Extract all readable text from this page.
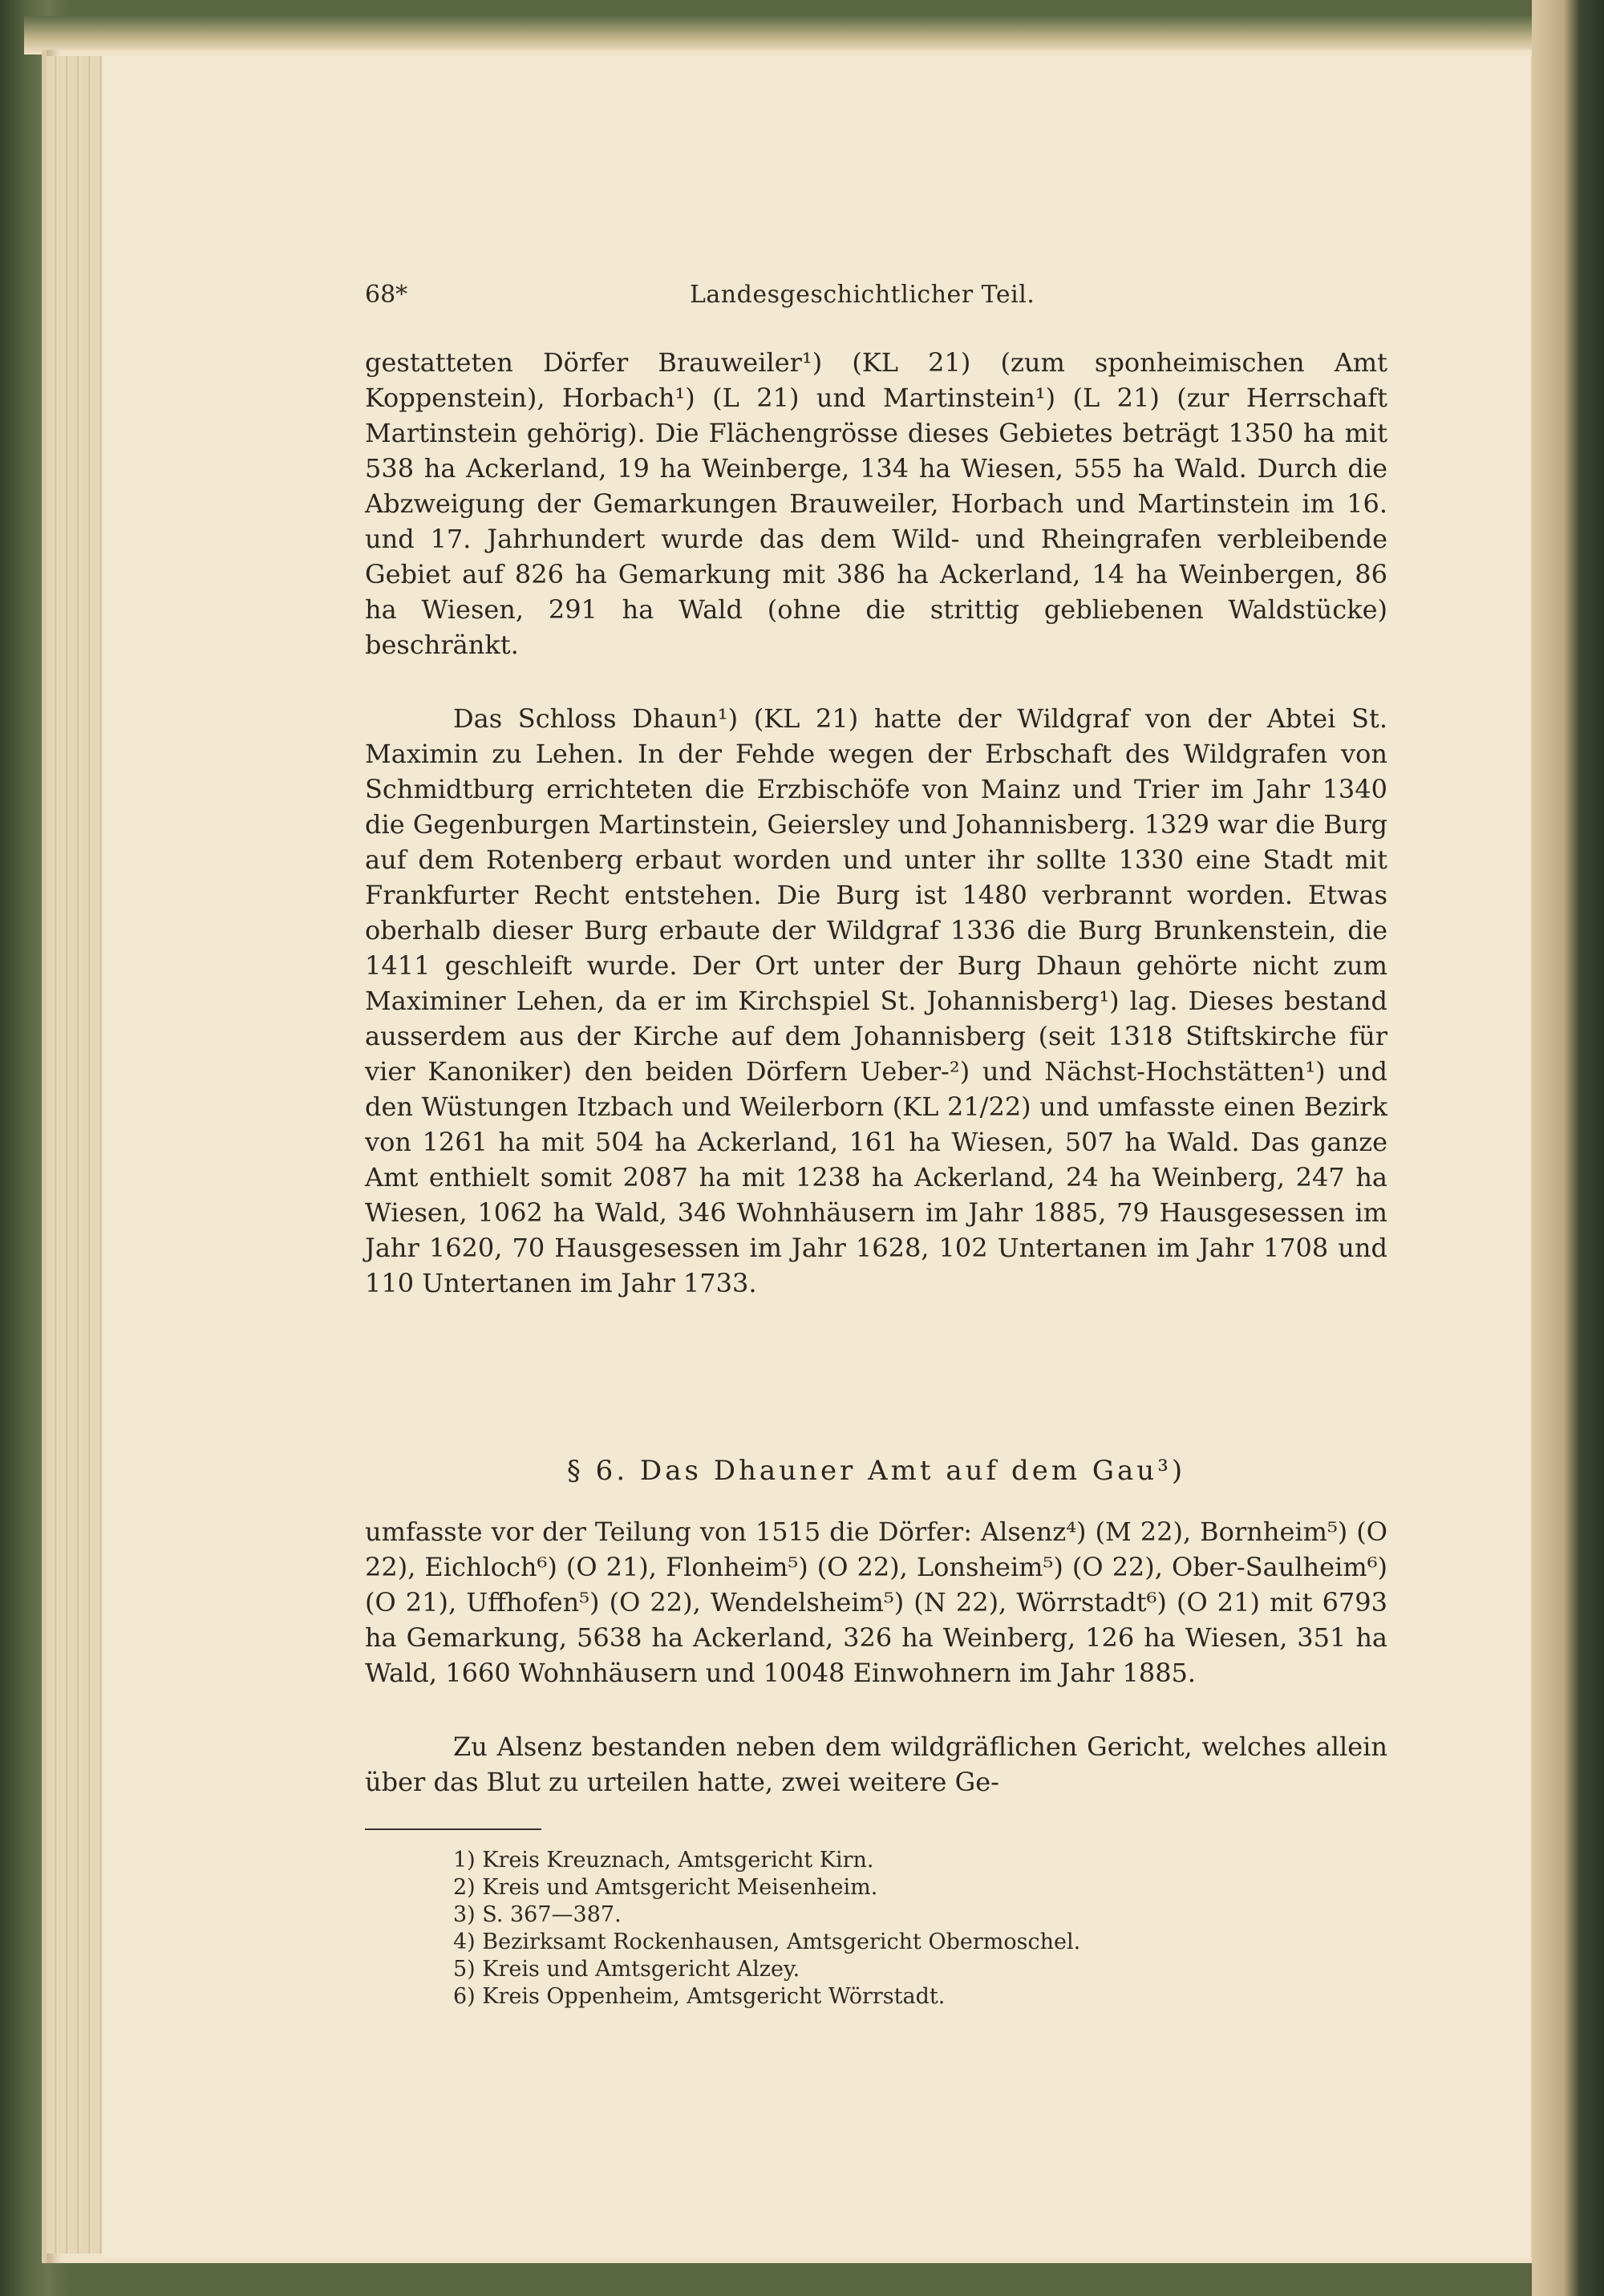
68*	Landesgeschichtlicher Teil.
gestatteten Dörfer Brauweiler¹) (KL 21) (zum sponheimischen Amt Koppenstein), Horbach¹) (L 21) und Martinstein¹) (L 21) (zur Herrschaft Martinstein gehörig). Die Flächengrösse dieses Gebietes beträgt 1350 ha mit 538 ha Ackerland, 19 ha Weinberge, 134 ha Wiesen, 555 ha Wald. Durch die Abzweigung der Gemarkungen Brauweiler, Horbach und Martinstein im 16. und 17. Jahrhundert wurde das dem Wild- und Rheingrafen verbleibende Gebiet auf 826 ha Gemarkung mit 386 ha Ackerland, 14 ha Weinbergen, 86 ha Wiesen, 291 ha Wald (ohne die strittig gebliebenen Waldstücke) beschränkt.
Das Schloss Dhaun¹) (KL 21) hatte der Wildgraf von der Abtei St. Maximin zu Lehen. In der Fehde wegen der Erbschaft des Wildgrafen von Schmidtburg errichteten die Erzbischöfe von Mainz und Trier im Jahr 1340 die Gegenburgen Martinstein, Geiersley und Johannisberg. 1329 war die Burg auf dem Rotenberg erbaut worden und unter ihr sollte 1330 eine Stadt mit Frankfurter Recht entstehen. Die Burg ist 1480 verbrannt worden. Etwas oberhalb dieser Burg erbaute der Wildgraf 1336 die Burg Brunkenstein, die 1411 geschleift wurde. Der Ort unter der Burg Dhaun gehörte nicht zum Maximiner Lehen, da er im Kirchspiel St. Johannisberg¹) lag. Dieses bestand ausserdem aus der Kirche auf dem Johannisberg (seit 1318 Stiftskirche für vier Kanoniker) den beiden Dörfern Ueber-²) und Nächst-Hochstätten¹) und den Wüstungen Itzbach und Weilerborn (KL 21/22) und umfasste einen Bezirk von 1261 ha mit 504 ha Ackerland, 161 ha Wiesen, 507 ha Wald. Das ganze Amt enthielt somit 2087 ha mit 1238 ha Ackerland, 24 ha Weinberg, 247 ha Wiesen, 1062 ha Wald, 346 Wohnhäusern im Jahr 1885, 79 Hausgesessen im Jahr 1620, 70 Hausgesessen im Jahr 1628, 102 Untertanen im Jahr 1708 und 110 Untertanen im Jahr 1733.
§ 6. Das Dhauner Amt auf dem Gau³)
umfasste vor der Teilung von 1515 die Dörfer: Alsenz⁴) (M 22), Bornheim⁵) (O 22), Eichloch⁶) (O 21), Flonheim⁵) (O 22), Lonsheim⁵) (O 22), Ober-Saulheim⁶) (O 21), Uffhofen⁵) (O 22), Wendelsheim⁵) (N 22), Wörrstadt⁶) (O 21) mit 6793 ha Gemarkung, 5638 ha Ackerland, 326 ha Weinberg, 126 ha Wiesen, 351 ha Wald, 1660 Wohnhäusern und 10048 Einwohnern im Jahr 1885.
Zu Alsenz bestanden neben dem wildgräflichen Gericht, welches allein über das Blut zu urteilen hatte, zwei weitere Ge-
1) Kreis Kreuznach, Amtsgericht Kirn.
2) Kreis und Amtsgericht Meisenheim.
3) S. 367—387.
4) Bezirksamt Rockenhausen, Amtsgericht Obermoschel.
5) Kreis und Amtsgericht Alzey.
6) Kreis Oppenheim, Amtsgericht Wörrstadt.
